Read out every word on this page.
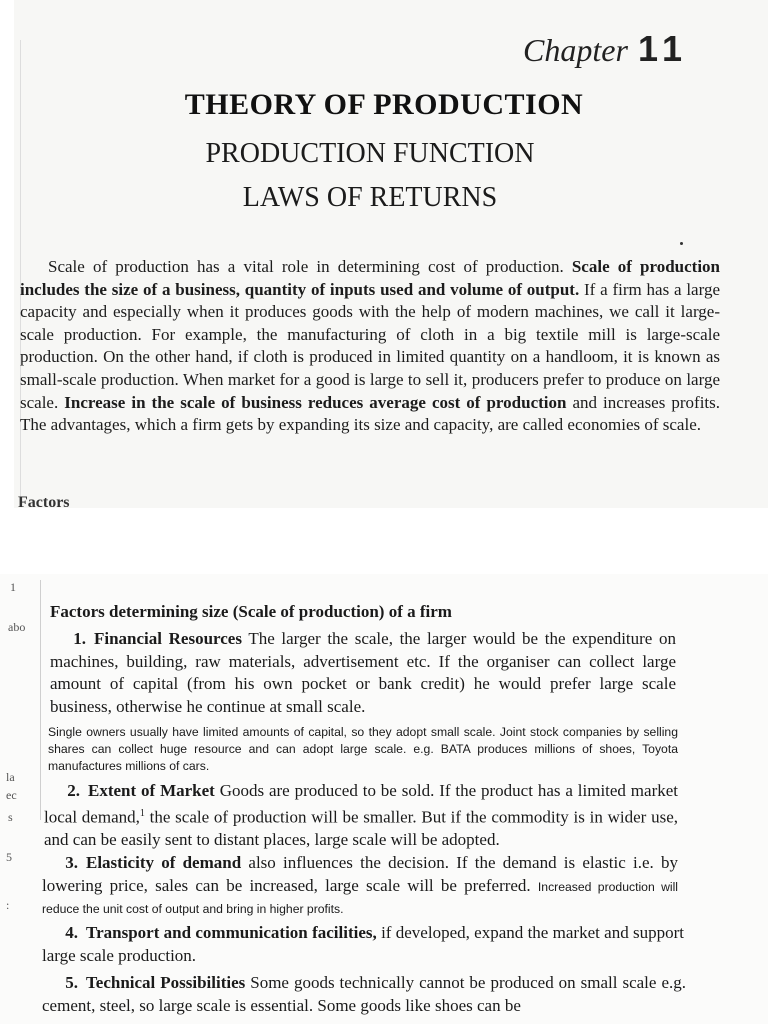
Chapter 11
THEORY OF PRODUCTION
PRODUCTION FUNCTION
LAWS OF RETURNS
Scale of production has a vital role in determining cost of production. Scale of production includes the size of a business, quantity of inputs used and volume of output. If a firm has a large capacity and especially when it produces goods with the help of modern machines, we call it large-scale production. For example, the manufacturing of cloth in a big textile mill is large-scale production. On the other hand, if cloth is produced in limited quantity on a handloom, it is known as small-scale production. When market for a good is large to sell it, producers prefer to produce on large scale. Increase in the scale of business reduces average cost of production and increases profits. The advantages, which a firm gets by expanding its size and capacity, are called economies of scale.
Factors
1
abo
la
ec
s
5
:
Factors determining size (Scale of production) of a firm
1. Financial Resources The larger the scale, the larger would be the expenditure on machines, building, raw materials, advertisement etc. If the organiser can collect large amount of capital (from his own pocket or bank credit) he would prefer large scale business, otherwise he continue at small scale.
Single owners usually have limited amounts of capital, so they adopt small scale. Joint stock companies by selling shares can collect huge resource and can adopt large scale. e.g. BATA produces millions of shoes, Toyota manufactures millions of cars.
2. Extent of Market Goods are produced to be sold. If the product has a limited market local demand,$^1$ the scale of production will be smaller. But if the commodity is in wider use, and can be easily sent to distant places, large scale will be adopted.
3. Elasticity of demand also influences the decision. If the demand is elastic i.e. by lowering price, sales can be increased, large scale will be preferred. Increased production will reduce the unit cost of output and bring in higher profits.
4. Transport and communication facilities, if developed, expand the market and support large scale production.
5. Technical Possibilities Some goods technically cannot be produced on small scale e.g. cement, steel, so large scale is essential. Some goods like shoes can be
